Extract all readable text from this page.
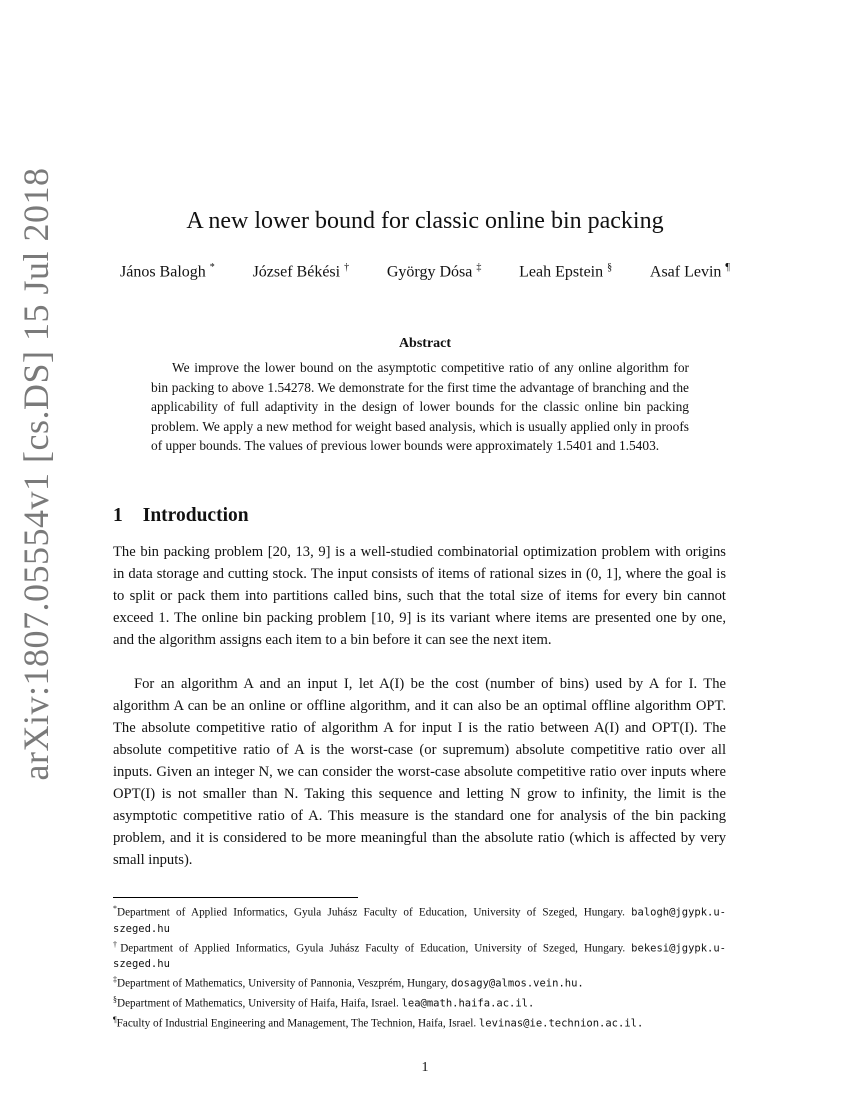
arXiv:1807.05554v1 [cs.DS] 15 Jul 2018	A new lower bound for classic online bin packing
János Balogh * József Békési † György Dósa ‡ Leah Epstein § Asaf Levin ¶
Abstract

We improve the lower bound on the asymptotic competitive ratio of any online algorithm for bin packing to above 1.54278. We demonstrate for the first time the advantage of branching and the applicability of full adaptivity in the design of lower bounds for the classic online bin packing problem. We apply a new method for weight based analysis, which is usually applied only in proofs of upper bounds. The values of previous lower bounds were approximately 1.5401 and 1.5403.

1 Introduction

The bin packing problem [20, 13, 9] is a well-studied combinatorial optimization problem with origins in data storage and cutting stock. The input consists of items of rational sizes in (0, 1], where the goal is to split or pack them into partitions called bins, such that the total size of items for every bin cannot exceed 1. The online bin packing problem [10, 9] is its variant where items are presented one by one, and the algorithm assigns each item to a bin before it can see the next item.

For an algorithm A and an input I, let A(I) be the cost (number of bins) used by A for I. The algorithm A can be an online or offline algorithm, and it can also be an optimal offline algorithm OPT. The absolute competitive ratio of algorithm A for input I is the ratio between A(I) and OPT(I). The absolute competitive ratio of A is the worst-case (or supremum) absolute competitive ratio over all inputs. Given an integer N, we can consider the worst-case absolute competitive ratio over inputs where OPT(I) is not smaller than N. Taking this sequence and letting N grow to infinity, the limit is the asymptotic competitive ratio of A. This measure is the standard one for analysis of the bin packing problem, and it is considered to be more meaningful than the absolute ratio (which is affected by very small inputs).

*Department of Applied Informatics, Gyula Juhász Faculty of Education, University of Szeged, Hungary. balogh@jgypk.u-szeged.hu

†Department of Applied Informatics, Gyula Juhász Faculty of Education, University of Szeged, Hungary. bekesi@jgypk.u-szeged.hu

‡Department of Mathematics, University of Pannonia, Veszprém, Hungary, dosagy@almos.vein.hu.

§Department of Mathematics, University of Haifa, Haifa, Israel. lea@math.haifa.ac.il.

¶Faculty of Industrial Engineering and Management, The Technion, Haifa, Israel. levinas@ie.technion.ac.il.

1
